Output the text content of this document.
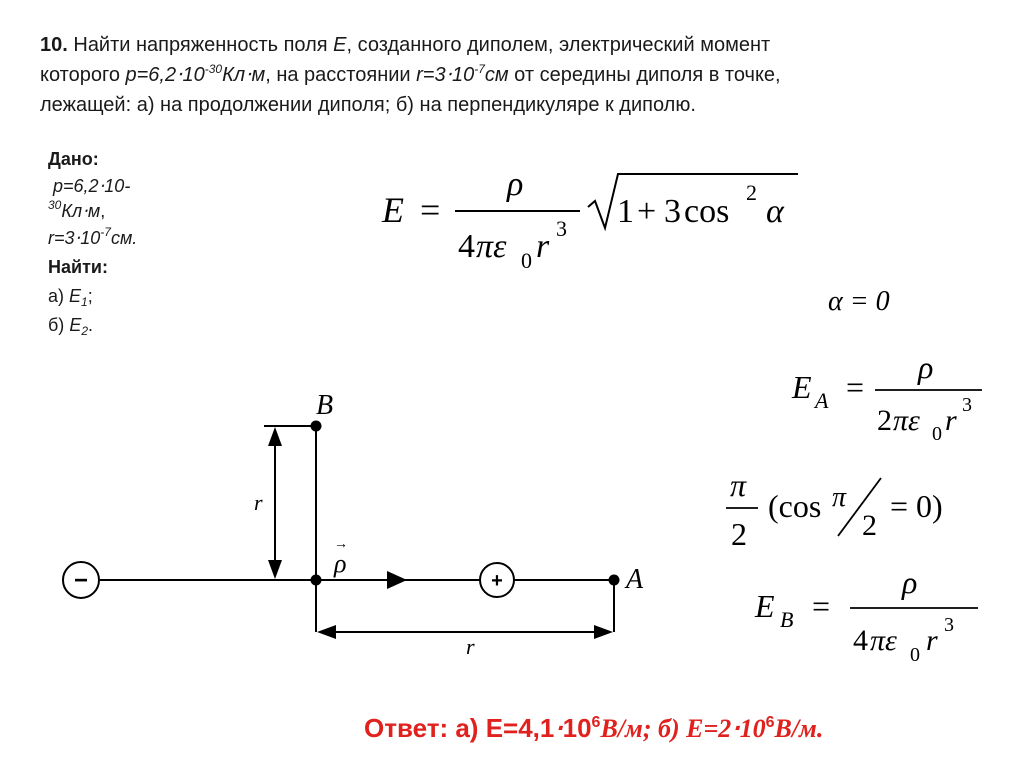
10. Найти напряженность поля E, созданного диполем, электрический момент
которого $p=6,2\cdot 10^{-30}Кл\cdot м$, на расстоянии $r=3\cdot 10^{-7}см$ от середины диполя в точке,
лежащей: а) на продолжении диполя; б) на перпендикуляре к диполю.
Дано:
p=6,2⋅10-
$^{30}$Кл⋅м,
$r=3\cdot 10^{-7}см$.
Найти:
а) $E_1$;
б) $E_2$.
E =
ρ
4 πε 0 r 3 1 + 3 cos
2
α
α = 0
E A =
ρ
2 πε 0 r 3
π
2
(cos π
2
= 0)
E B =
ρ
4 πε 0 r 3
−	+
B
A
r
r
→
ρ
Ответ: а) $E=4,1\cdot 10^6В/м$; б) $E=2\cdot 10^6В/м$.
